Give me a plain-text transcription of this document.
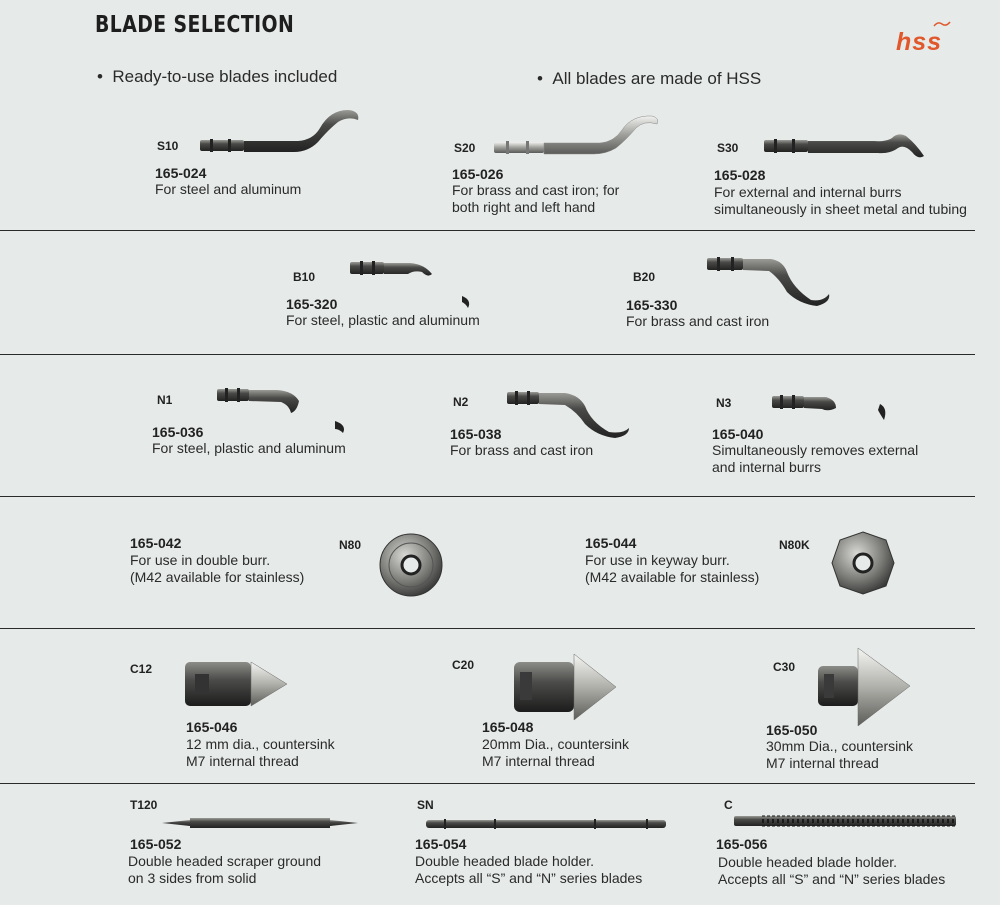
BLADE SELECTION
hss
•  Ready-to-use blades included	•  All blades are made of HSS
S10
165-024
For steel and aluminum
S20
165-026
For brass and cast iron; for
both right and left hand
S30
165-028
For external and internal burrs
simultaneously in sheet metal and tubing
B10
165-320
For steel, plastic and aluminum
B20
165-330
For brass and cast iron
N1
165-036
For steel, plastic and aluminum
N2
165-038
For brass and cast iron
N3
165-040
Simultaneously removes external
and internal burrs
165-042
For use in double burr.
(M42 available for stainless)
N80	165-044
For use in keyway burr.
(M42 available for stainless)
N80K
C12
165-046
12 mm dia., countersink
M7 internal thread
C20
165-048
20mm Dia., countersink
M7 internal thread
C30
165-050
30mm Dia., countersink
M7 internal thread
T120
165-052
Double headed scraper ground
on 3 sides from solid
SN
165-054
Double headed blade holder.
Accepts all “S” and “N” series blades
C
165-056
Double headed blade holder.
Accepts all “S” and “N” series blades
